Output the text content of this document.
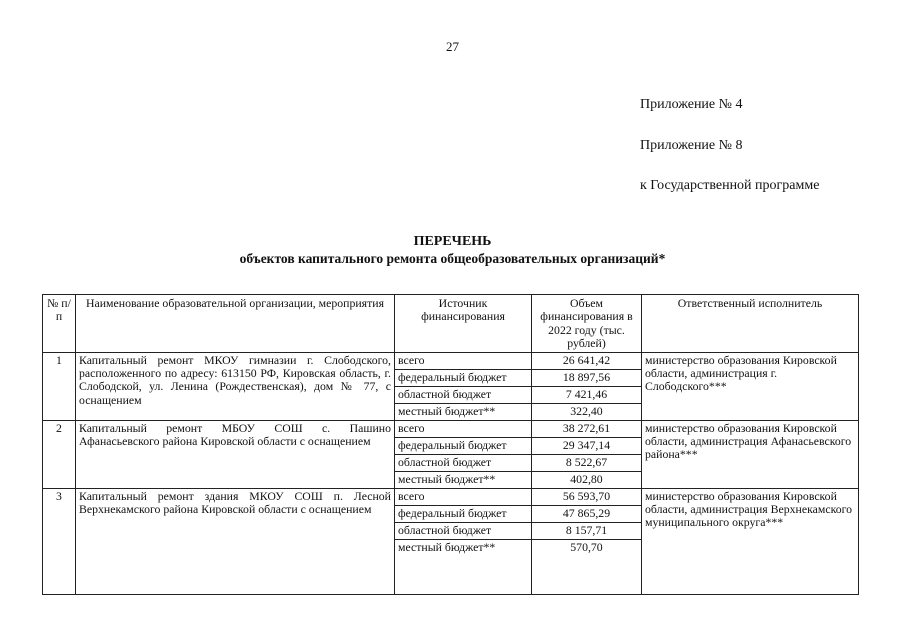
27
Приложение № 4
Приложение № 8
к Государственной программе
ПЕРЕЧЕНЬ
объектов капитального ремонта общеобразовательных организаций*
№ п/п	Наименование образовательной организации, мероприятия	Источник финансирования	Объем финансирования в 2022 году (тыс. рублей)	Ответственный исполнитель
1	Капитальный ремонт МКОУ гимназии г. Слободского, расположенного по адресу: 613150 РФ, Кировская область, г. Слободской, ул. Ленина (Рождественская), дом № 77, с оснащением	всего	26 641,42	министерство образования Кировской области, администрация г. Слободского***
		федеральный бюджет	18 897,56	
		областной бюджет	7 421,46	
		местный бюджет**	322,40	
2	Капитальный ремонт МБОУ СОШ с. Пашино Афанасьевского района Кировской области с оснащением	всего	38 272,61	министерство образования Кировской области, администрация Афанасьевского района***
		федеральный бюджет	29 347,14	
		областной бюджет	8 522,67	
		местный бюджет**	402,80	
3	Капитальный ремонт здания МКОУ СОШ п. Лесной Верхнекамского района Кировской области с оснащением	всего	56 593,70	министерство образования Кировской области, администрация Верхнекамского муниципального округа***
		федеральный бюджет	47 865,29	
		областной бюджет	8 157,71	
		местный бюджет**	570,70	
